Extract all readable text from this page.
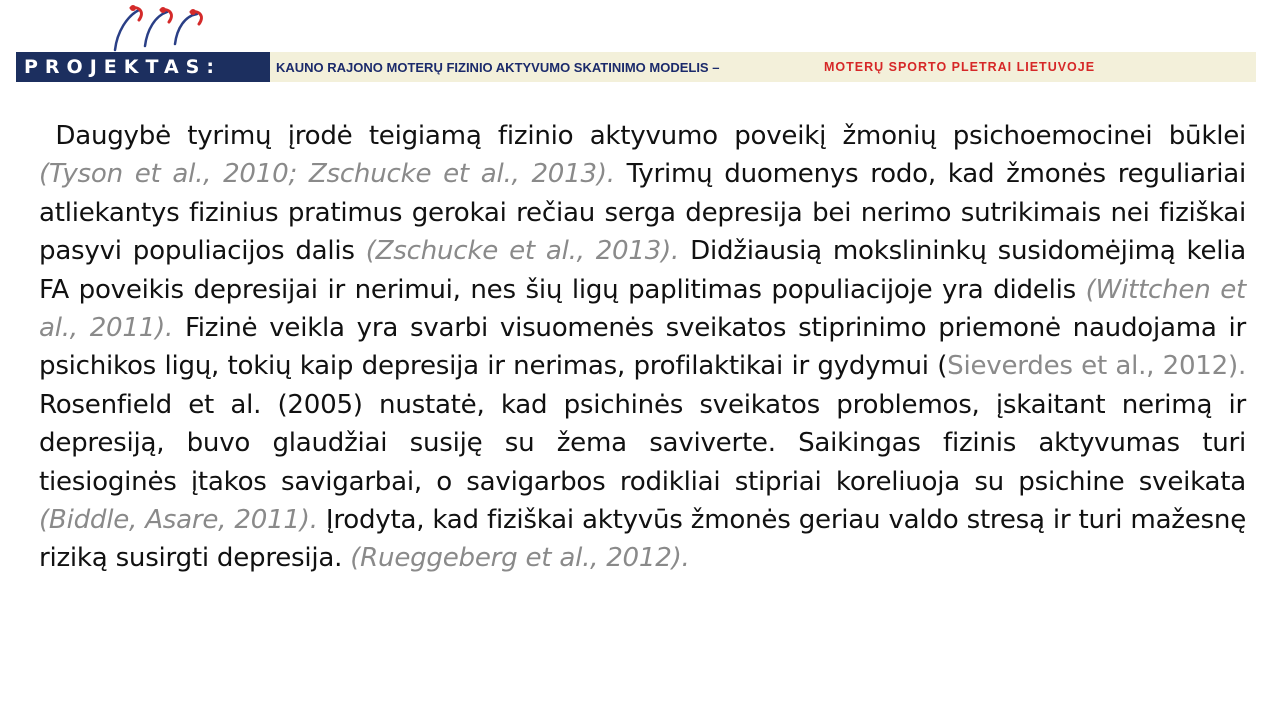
PROJEKTAS:	KAUNO RAJONO MOTERŲ FIZINIO AKTYVUMO SKATINIMO MODELIS –	MOTERŲ SPORTO PLETRAI LIETUVOJE
Daugybė tyrimų įrodė teigiamą fizinio aktyvumo poveikį žmonių psichoemocinei būklei (Tyson et al., 2010; Zschucke et al., 2013). Tyrimų duomenys rodo, kad žmonės reguliariai atliekantys fizinius pratimus gerokai rečiau serga depresija bei nerimo sutrikimais nei fiziškai pasyvi populiacijos dalis (Zschucke et al., 2013). Didžiausią mokslininkų susidomėjimą kelia FA poveikis depresijai ir nerimui, nes šių ligų paplitimas populiacijoje yra didelis (Wittchen et al., 2011). Fizinė veikla yra svarbi visuomenės sveikatos stiprinimo priemonė naudojama ir psichikos ligų, tokių kaip depresija ir nerimas, profilaktikai ir gydymui (Sieverdes et al., 2012). Rosenfield et al. (2005) nustatė, kad psichinės sveikatos problemos, įskaitant nerimą ir depresiją, buvo glaudžiai susiję su žema saviverte. Saikingas fizinis aktyvumas turi tiesioginės įtakos savigarbai, o savigarbos rodikliai stipriai koreliuoja su psichine sveikata (Biddle, Asare, 2011). Įrodyta, kad fiziškai aktyvūs žmonės geriau valdo stresą ir turi mažesnę riziką susirgti depresija. (Rueggeberg et al., 2012).
